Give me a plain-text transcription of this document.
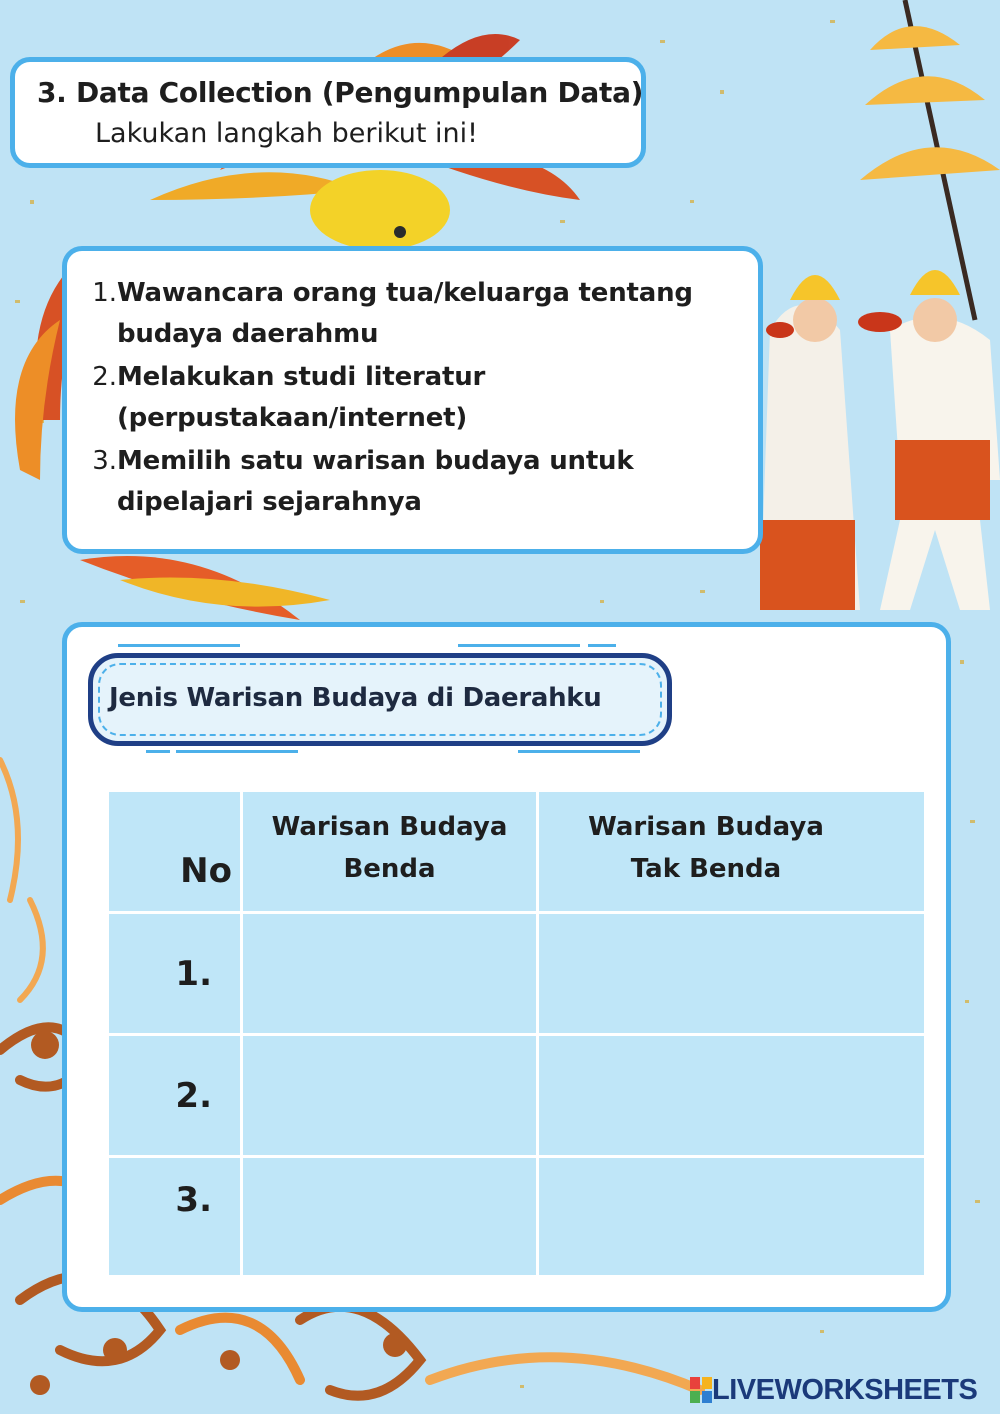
3. Data Collection (Pengumpulan Data)
Lakukan langkah berikut ini!
1. Wawancara orang tua/keluarga tentang budaya daerahmu
2. Melakukan studi literatur (perpustakaan/internet)
3. Memilih satu warisan budaya untuk dipelajari sejarahnya
Jenis Warisan Budaya di Daerahku
No	Warisan Budaya Benda	Warisan Budaya Tak Benda

1.		
2.		
3.		
LIVEWORKSHEETS
